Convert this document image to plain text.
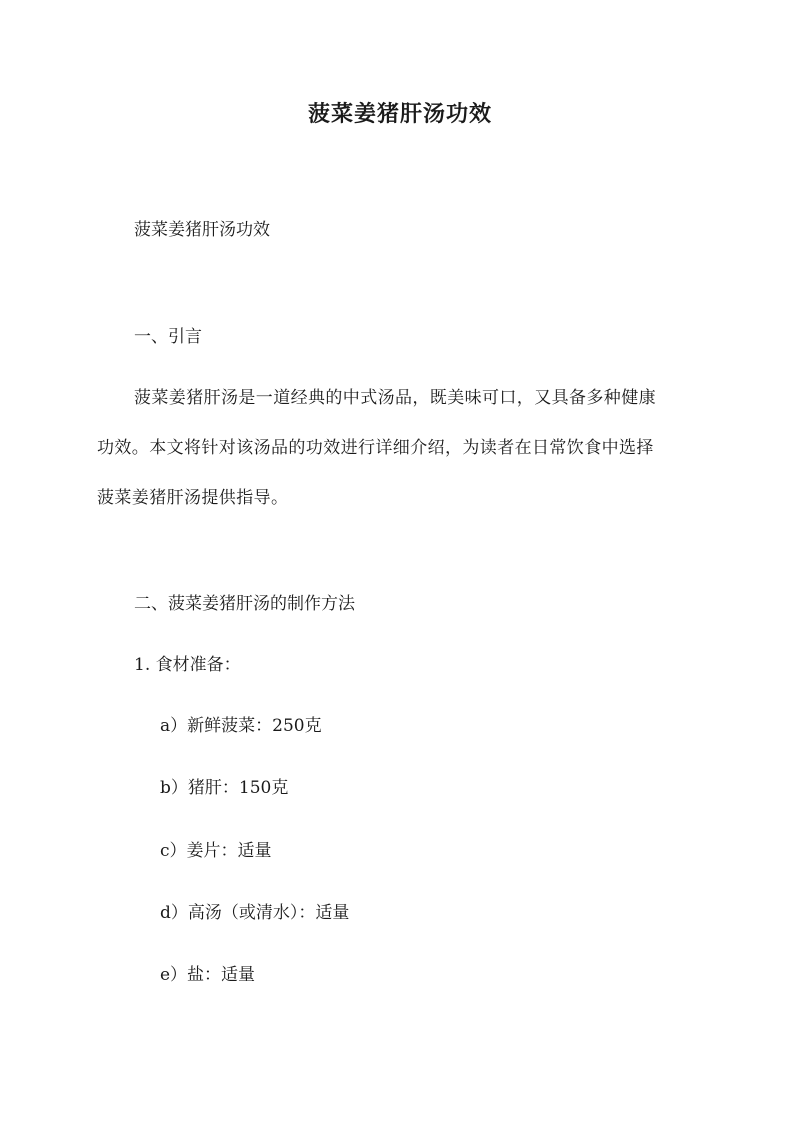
菠菜姜猪肝汤功效
菠菜姜猪肝汤功效
一、引言
菠菜姜猪肝汤是一道经典的中式汤品，既美味可口，又具备多种健康
功效。本文将针对该汤品的功效进行详细介绍，为读者在日常饮食中选择
菠菜姜猪肝汤提供指导。
二、菠菜姜猪肝汤的制作方法
1. 食材准备：
a）新鲜菠菜：250克
b）猪肝：150克
c）姜片：适量
d）高汤（或清水）：适量
e）盐：适量
